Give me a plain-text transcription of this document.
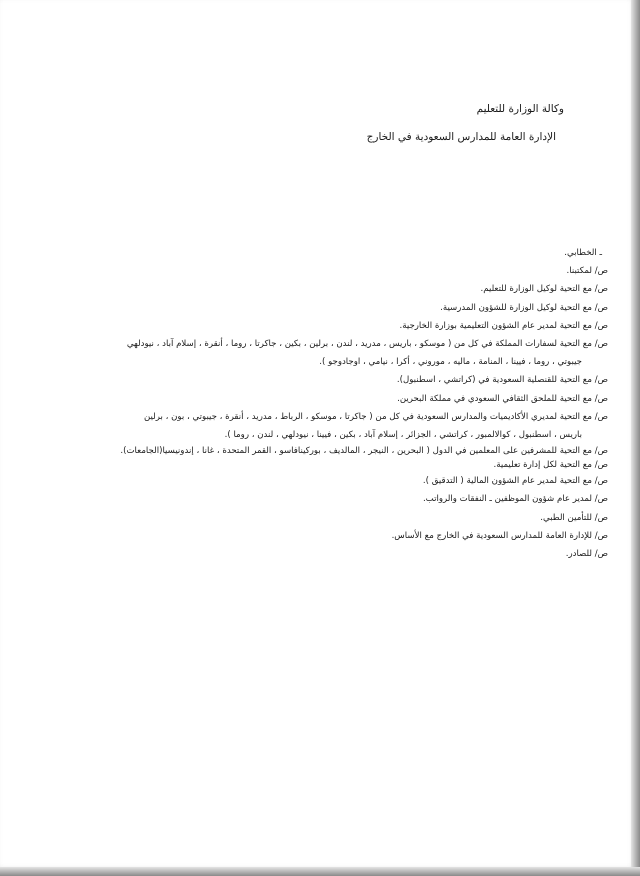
وكالة الوزارة للتعليم
الإدارة العامة للمدارس السعودية في الخارج
ـ الخطابي.
ص/ لمكتبنا.
ص/ مع التحية لوكيل الوزارة للتعليم.
ص/ مع التحية لوكيل الوزارة للشؤون المدرسية.
ص/ مع التحية لمدير عام الشؤون التعليمية بوزارة الخارجية.
ص/ مع التحية لسفارات المملكة في كل من ( موسكو ، باريس ، مدريد ، لندن ، برلين ، بكين ، جاكرتا ، روما ، أنقرة ، إسلام آباد ، نيودلهي
جيبوتي ، روما ، فيينا ، المنامة ، ماليه ، موروني ، أكرا ، نيامي ، اوجادوجو ).
ص/ مع التحية للقنصلية السعودية في (كراتشي ، اسطنبول).
ص/ مع التحية للملحق الثقافي السعودي في مملكة البحرين.
ص/ مع التحية لمديري الأكاديميات والمدارس السعودية في كل من ( جاكرتا ، موسكو ، الرباط ، مدريد ، أنقرة ، جيبوتي ، بون ، برلين
باريس ، اسطنبول ، كوالالمبور ، كراتشي ، الجزائر ، إسلام آباد ، بكين ، فيينا ، نيودلهي ، لندن ، روما ).
ص/ مع التحية للمشرفين على المعلمين في الدول ( البحرين ، النيجر ، المالديف ، بوركينافاسو ، القمر المتحدة ، غانا ، إندونيسيا(الجامعات).
ص/ مع التحية لكل إدارة تعليمية.
ص/ مع التحية لمدير عام الشؤون المالية ( التدقيق ).
ص/ لمدير عام شؤون الموظفين ـ النفقات والرواتب.
ص/ للتأمين الطبي.
ص/ للإدارة العامة للمدارس السعودية في الخارج مع الأساس.
ص/ للصادر.
